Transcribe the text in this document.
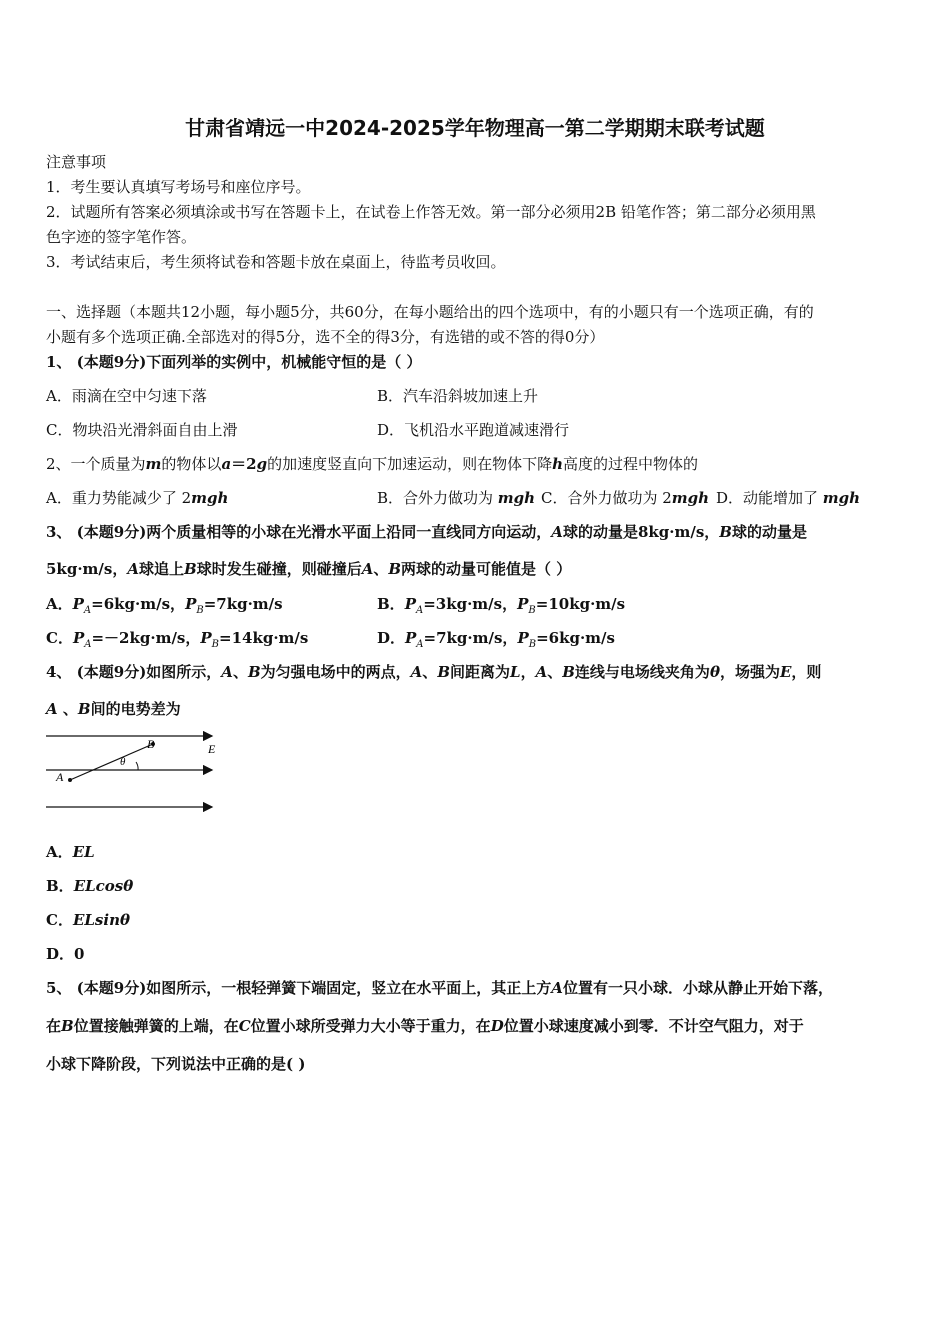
甘肃省靖远一中2024-2025学年物理高一第二学期期末联考试题
注意事项
1．考生要认真填写考场号和座位序号。
2．试题所有答案必须填涂或书写在答题卡上，在试卷上作答无效。第一部分必须用2B 铅笔作答；第二部分必须用黑
色字迹的签字笔作答。
3．考试结束后，考生须将试卷和答题卡放在桌面上，待监考员收回。
一、选择题（本题共12小题，每小题5分，共60分，在每小题给出的四个选项中，有的小题只有一个选项正确，有的
小题有多个选项正确.全部选对的得5分，选不全的得3分，有选错的或不答的得0分）
1、 (本题9分)下面列举的实例中，机械能守恒的是（ ）
A．雨滴在空中匀速下落	B．汽车沿斜坡加速上升
C．物块沿光滑斜面自由上滑	D．飞机沿水平跑道减速滑行
2、一个质量为m的物体以a＝2g的加速度竖直向下加速运动，则在物体下降h高度的过程中物体的
A．重力势能减少了 2mgh	B．合外力做功为 mgh C．合外力做功为 2mgh D．动能增加了 mgh
3、 (本题9分)两个质量相等的小球在光滑水平面上沿同一直线同方向运动，A球的动量是8kg·m/s，B球的动量是
5kg·m/s，A球追上B球时发生碰撞，则碰撞后A、B两球的动量可能值是（ ）
A．$P_A=6kg\cdot m/s$，$P_B=7kg\cdot m/s$	B．$P_A=3kg\cdot m/s$，$P_B=10kg\cdot m/s$
C．$P_A=-2kg\cdot m/s$，$P_B=14kg\cdot m/s$	D．$P_A=7kg\cdot m/s$，$P_B=6kg\cdot m/s$
4、 (本题9分)如图所示，A、B为匀强电场中的两点，A、B间距离为L，A、B连线与电场线夹角为θ，场强为E，则
A 、B间的电势差为
A
B
θ
E
A．EL
B．ELcosθ
C．ELsinθ
D．0
5、 (本题9分)如图所示，一根轻弹簧下端固定，竖立在水平面上，其正上方A位置有一只小球．小球从静止开始下落，
在B位置接触弹簧的上端，在C位置小球所受弹力大小等于重力，在D位置小球速度减小到零．不计空气阻力，对于
小球下降阶段，下列说法中正确的是( )
